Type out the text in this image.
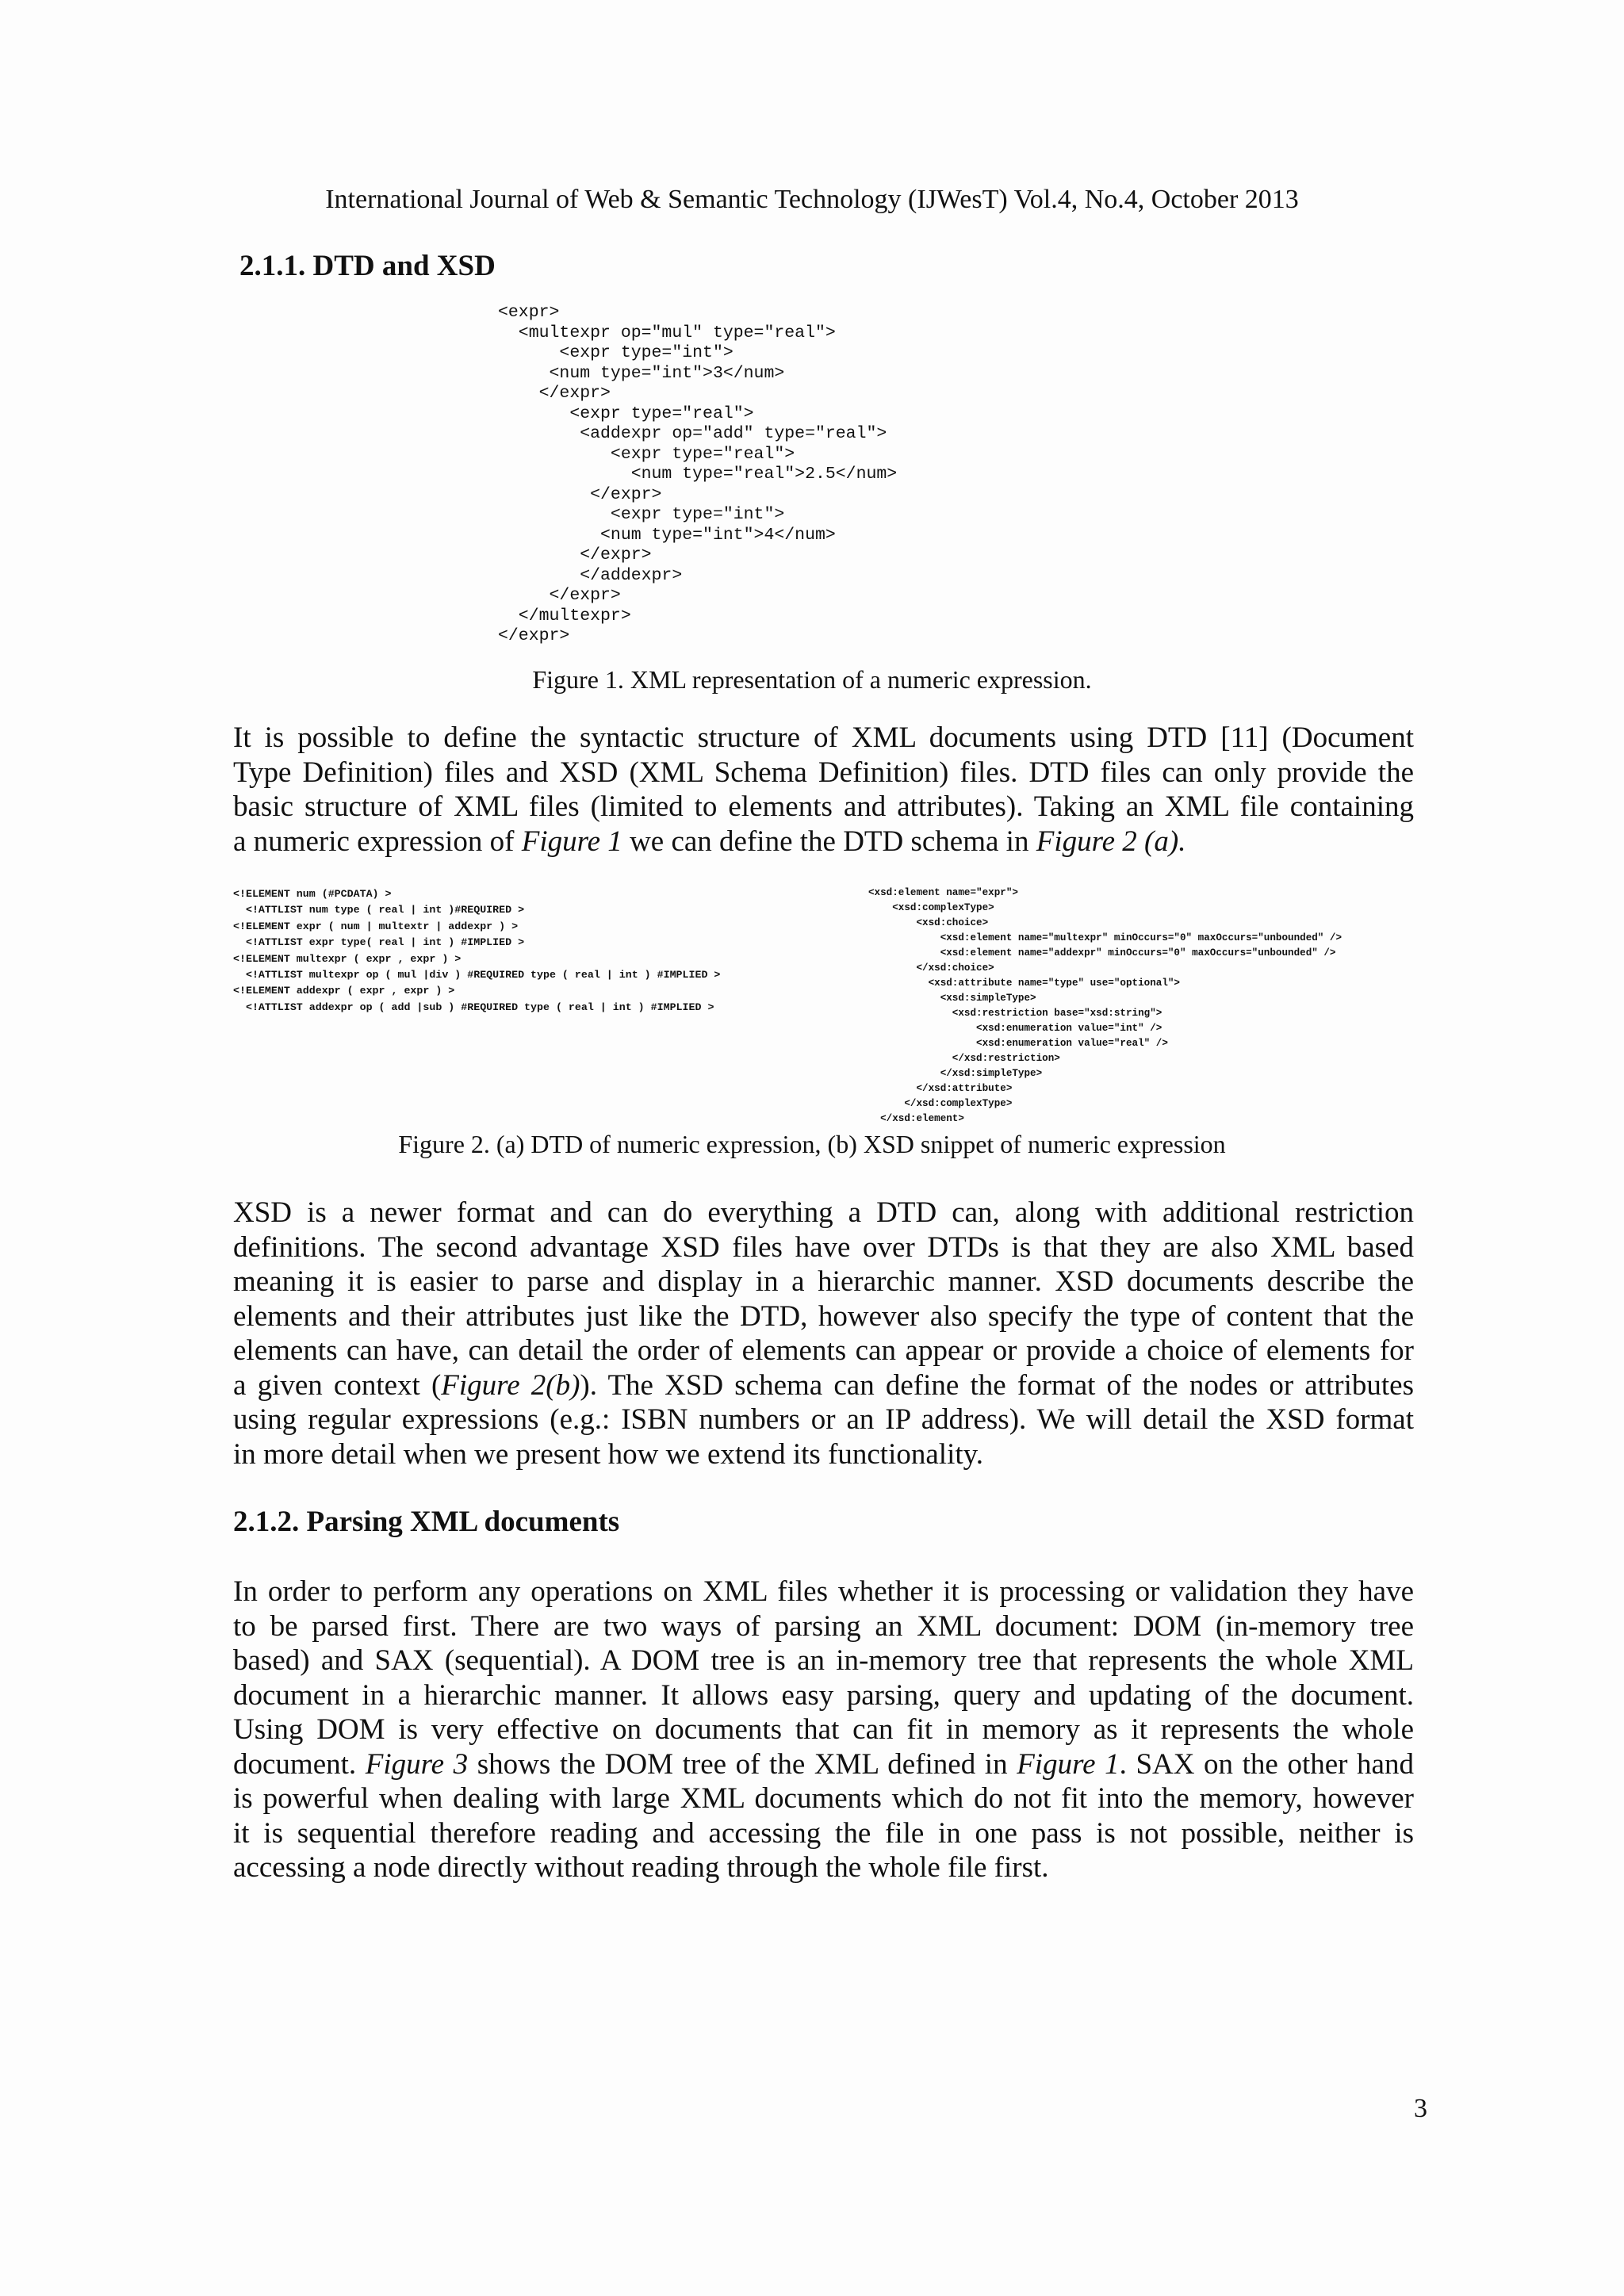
International Journal of Web & Semantic Technology (IJWesT) Vol.4, No.4, October 2013
2.1.1. DTD and XSD
<expr>
<multexpr op="mul" type="real">
<expr type="int">
<num type="int">3</num>
</expr>
<expr type="real">
<addexpr op="add" type="real">
<expr type="real">
<num type="real">2.5</num>
</expr>
<expr type="int">
<num type="int">4</num>
</expr>
</addexpr>
</expr>
</multexpr>
</expr>
Figure 1. XML representation of a numeric expression.
It is possible to define the syntactic structure of XML documents using DTD [11] (Document
Type Definition) files and XSD (XML Schema Definition) files. DTD files can only provide the
basic structure of XML files (limited to elements and attributes). Taking an XML file containing
a numeric expression of Figure 1 we can define the DTD schema in Figure 2 (a).
<!ELEMENT num (#PCDATA) >
<!ATTLIST num type ( real | int )#REQUIRED >
<!ELEMENT expr ( num | multextr | addexpr ) >
<!ATTLIST expr type( real | int ) #IMPLIED >
<!ELEMENT multexpr ( expr , expr ) >
<!ATTLIST multexpr op ( mul |div ) #REQUIRED type ( real | int ) #IMPLIED >
<!ELEMENT addexpr ( expr , expr ) >
<!ATTLIST addexpr op ( add |sub ) #REQUIRED type ( real | int ) #IMPLIED >
<xsd:element name="expr">
<xsd:complexType>
<xsd:choice>
<xsd:element name="multexpr" minOccurs="0" maxOccurs="unbounded" />
<xsd:element name="addexpr" minOccurs="0" maxOccurs="unbounded" />
</xsd:choice>
<xsd:attribute name="type" use="optional">
<xsd:simpleType>
<xsd:restriction base="xsd:string">
<xsd:enumeration value="int" />
<xsd:enumeration value="real" />
</xsd:restriction>
</xsd:simpleType>
</xsd:attribute>
</xsd:complexType>
</xsd:element>
Figure 2. (a) DTD of numeric expression, (b) XSD snippet of numeric expression
XSD is a newer format and can do everything a DTD can, along with additional restriction
definitions. The second advantage XSD files have over DTDs is that they are also XML based
meaning it is easier to parse and display in a hierarchic manner. XSD documents describe the
elements and their attributes just like the DTD, however also specify the type of content that the
elements can have, can detail the order of elements can appear or provide a choice of elements for
a given context (Figure 2(b)). The XSD schema can define the format of the nodes or attributes
using regular expressions (e.g.: ISBN numbers or an IP address). We will detail the XSD format
in more detail when we present how we extend its functionality.
2.1.2. Parsing XML documents
In order to perform any operations on XML files whether it is processing or validation they have
to be parsed first. There are two ways of parsing an XML document: DOM (in-memory tree
based) and SAX (sequential). A DOM tree is an in-memory tree that represents the whole XML
document in a hierarchic manner. It allows easy parsing, query and updating of the document.
Using DOM is very effective on documents that can fit in memory as it represents the whole
document. Figure 3 shows the DOM tree of the XML defined in Figure 1. SAX on the other hand
is powerful when dealing with large XML documents which do not fit into the memory, however
it is sequential therefore reading and accessing the file in one pass is not possible, neither is
accessing a node directly without reading through the whole file first.
3
